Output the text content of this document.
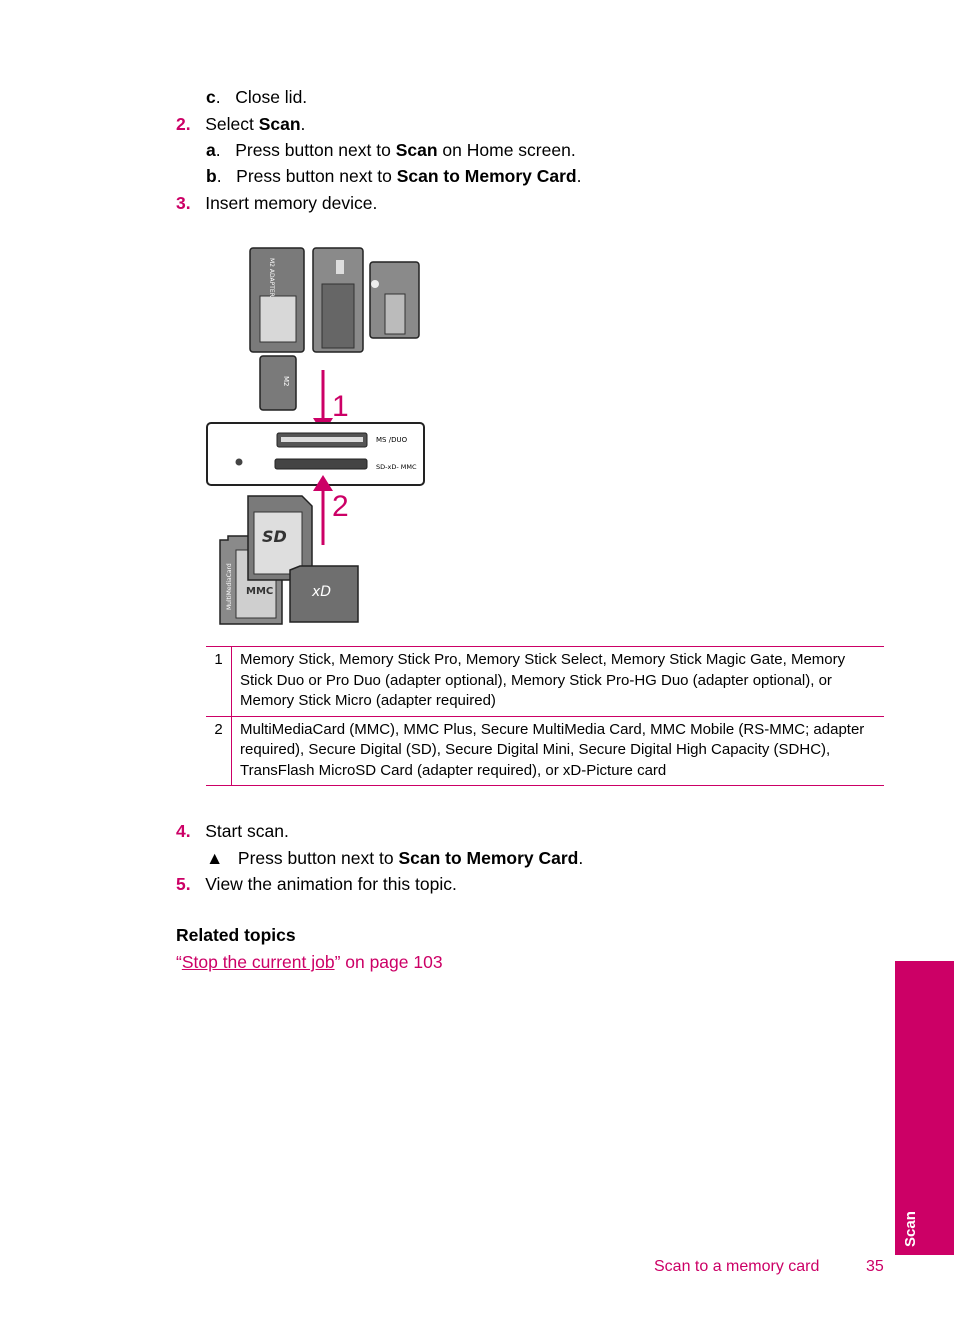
c.   Close lid.
2. Select Scan.
a.   Press button next to Scan on Home screen.
b.   Press button next to Scan to Memory Card.
3. Insert memory device.
M2 ADAPTER
M2
1
MS /DUO
SD-xD- MMC
2
MMC
MultiMediaCard
SD
xD
1	Memory Stick, Memory Stick Pro, Memory Stick Select, Memory Stick Magic Gate, Memory Stick Duo or Pro Duo (adapter optional), Memory Stick Pro-HG Duo (adapter optional), or Memory Stick Micro (adapter required)
2	MultiMediaCard (MMC), MMC Plus, Secure MultiMedia Card, MMC Mobile (RS-MMC; adapter required), Secure Digital (SD), Secure Digital Mini, Secure Digital High Capacity (SDHC), TransFlash MicroSD Card (adapter required), or xD-Picture card
4. Start scan.
▲ Press button next to Scan to Memory Card.
5. View the animation for this topic.
Related topics
“Stop the current job” on page 103
Scan
Scan to a memory card	35
